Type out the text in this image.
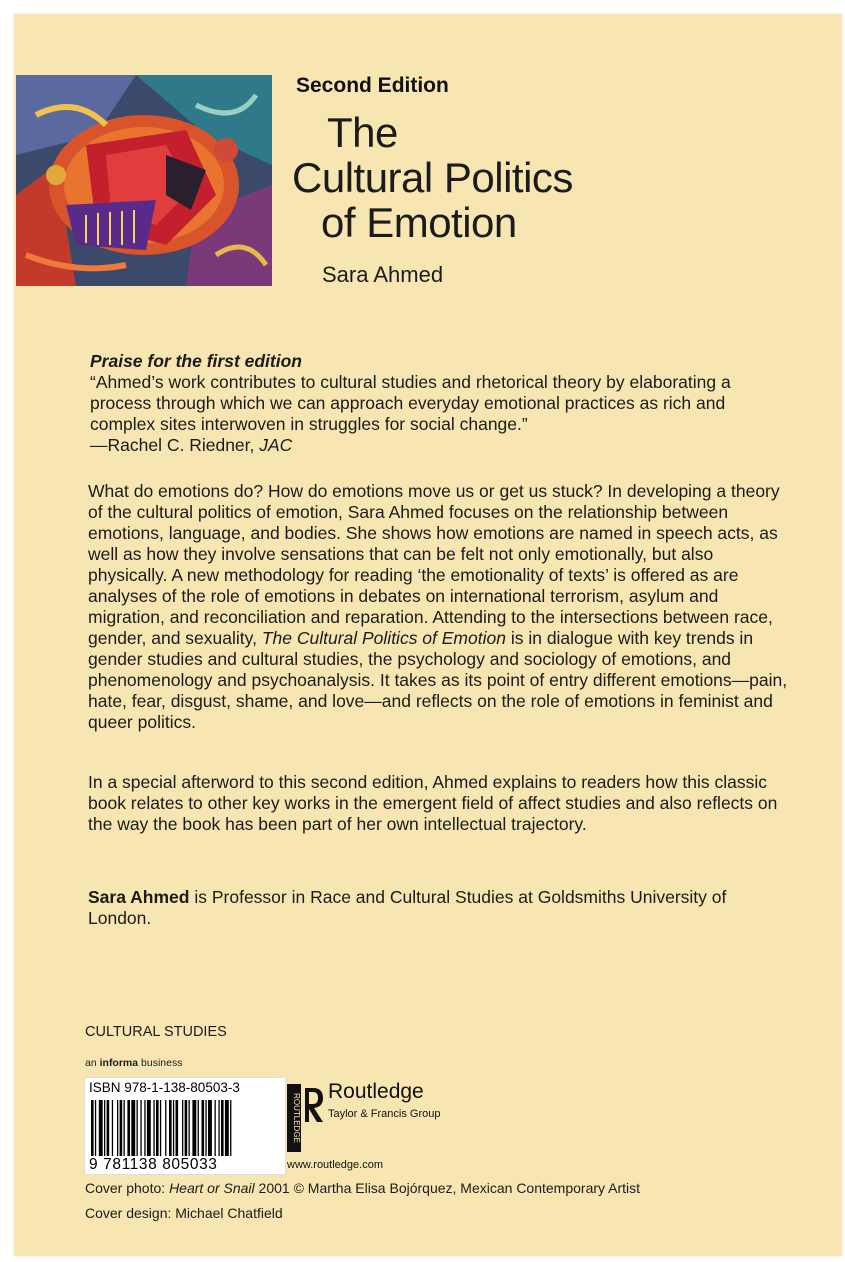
Second Edition
The
Cultural Politics
of Emotion
Sara Ahmed
Praise for the first edition
“Ahmed’s work contributes to cultural studies and rhetorical theory by elaborating a process through which we can approach everyday emotional practices as rich and complex sites interwoven in struggles for social change.”
—Rachel C. Riedner, JAC
What do emotions do? How do emotions move us or get us stuck? In developing a theory of the cultural politics of emotion, Sara Ahmed focuses on the relationship between emotions, language, and bodies. She shows how emotions are named in speech acts, as well as how they involve sensations that can be felt not only emotionally, but also physically. A new methodology for reading ‘the emotionality of texts’ is offered as are analyses of the role of emotions in debates on international terrorism, asylum and migration, and reconciliation and reparation. Attending to the intersections between race, gender, and sexuality, The Cultural Politics of Emotion is in dialogue with key trends in gender studies and cultural studies, the psychology and sociology of emotions, and phenomenology and psychoanalysis. It takes as its point of entry different emotions—pain, hate, fear, disgust, shame, and love—and reflects on the role of emotions in feminist and queer politics.
In a special afterword to this second edition, Ahmed explains to readers how this classic book relates to other key works in the emergent field of affect studies and also reflects on the way the book has been part of her own intellectual trajectory.
Sara Ahmed is Professor in Race and Cultural Studies at Goldsmiths University of London.
CULTURAL STUDIES
an informa business
ISBN 978-1-138-80503-3
9 781138 805033
ROUTLEDGE
Routledge
Taylor & Francis Group
www.routledge.com
Cover photo: Heart or Snail 2001 © Martha Elisa Bojórquez, Mexican Contemporary Artist
Cover design: Michael Chatfield
